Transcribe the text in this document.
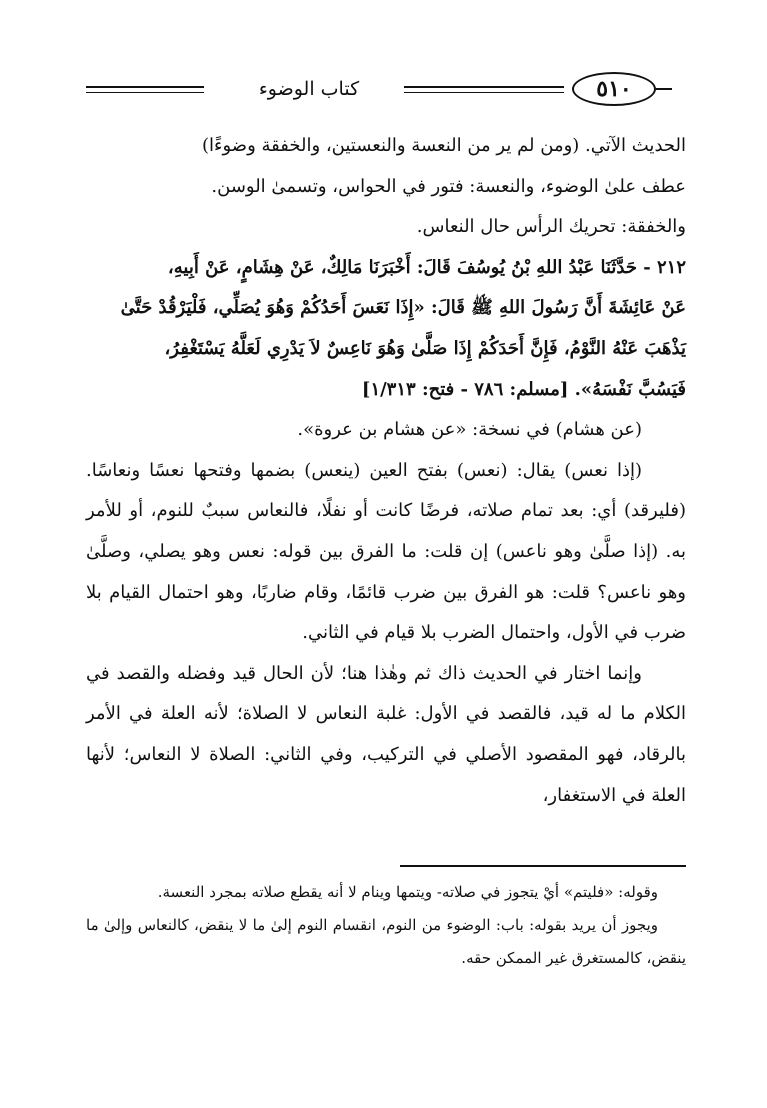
كتاب الوضوء	٥١٠

الحديث الآتي. (ومن لم ير من النعسة والنعستين، والخفقة وضوءًا)

عطف علىٰ الوضوء، والنعسة: فتور في الحواس، وتسمىٰ الوسن.

والخفقة: تحريك الرأس حال النعاس.

٢١٢ - حَدَّثَنَا عَبْدُ اللهِ بْنُ يُوسُفَ قَالَ: أَخْبَرَنَا مَالِكٌ، عَنْ هِشَامٍ، عَنْ أَبِيهِ،

عَنْ عَائِشَةَ أَنَّ رَسُولَ اللهِ ﷺ قَالَ: «إِذَا نَعَسَ أَحَدُكُمْ وَهُوَ يُصَلِّي، فَلْيَرْقُدْ حَتَّىٰ

يَذْهَبَ عَنْهُ النَّوْمُ، فَإِنَّ أَحَدَكُمْ إِذَا صَلَّىٰ وَهُوَ نَاعِسٌ لاَ يَدْرِي لَعَلَّهُ يَسْتَغْفِرُ،

فَيَسُبَّ نَفْسَهُ». [مسلم: ٧٨٦ - فتح: ١/٣١٣]

(عن هشام) في نسخة: «عن هشام بن عروة».

(إذا نعس) يقال: (نعس) بفتح العين (ينعس) بضمها وفتحها نعسًا ونعاسًا. (فليرقد) أي: بعد تمام صلاته، فرضًا كانت أو نفلًا، فالنعاس سببٌ للنوم، أو للأمر به. (إذا صلَّىٰ وهو ناعس) إن قلت: ما الفرق بين قوله: نعس وهو يصلي، وصلَّىٰ وهو ناعس؟ قلت: هو الفرق بين ضرب قائمًا، وقام ضاربًا، وهو احتمال القيام بلا ضرب في الأول، واحتمال الضرب بلا قيام في الثاني.

وإنما اختار في الحديث ذاك ثم وهٰذا هنا؛ لأن الحال قيد وفضله والقصد في الكلام ما له قيد، فالقصد في الأول: غلبة النعاس لا الصلاة؛ لأنه العلة في الأمر بالرقاد، فهو المقصود الأصلي في التركيب، وفي الثاني: الصلاة لا النعاس؛ لأنها العلة في الاستغفار،

وقوله: «فليتم» أيْ يتجوز في صلاته- ويتمها وينام لا أنه يقطع صلاته بمجرد النعسة.

ويجوز أن يريد بقوله: باب: الوضوء من النوم، انقسام النوم إلىٰ ما لا ينقض، كالنعاس وإلىٰ ما ينقض، كالمستغرق غير الممكن حقه.
